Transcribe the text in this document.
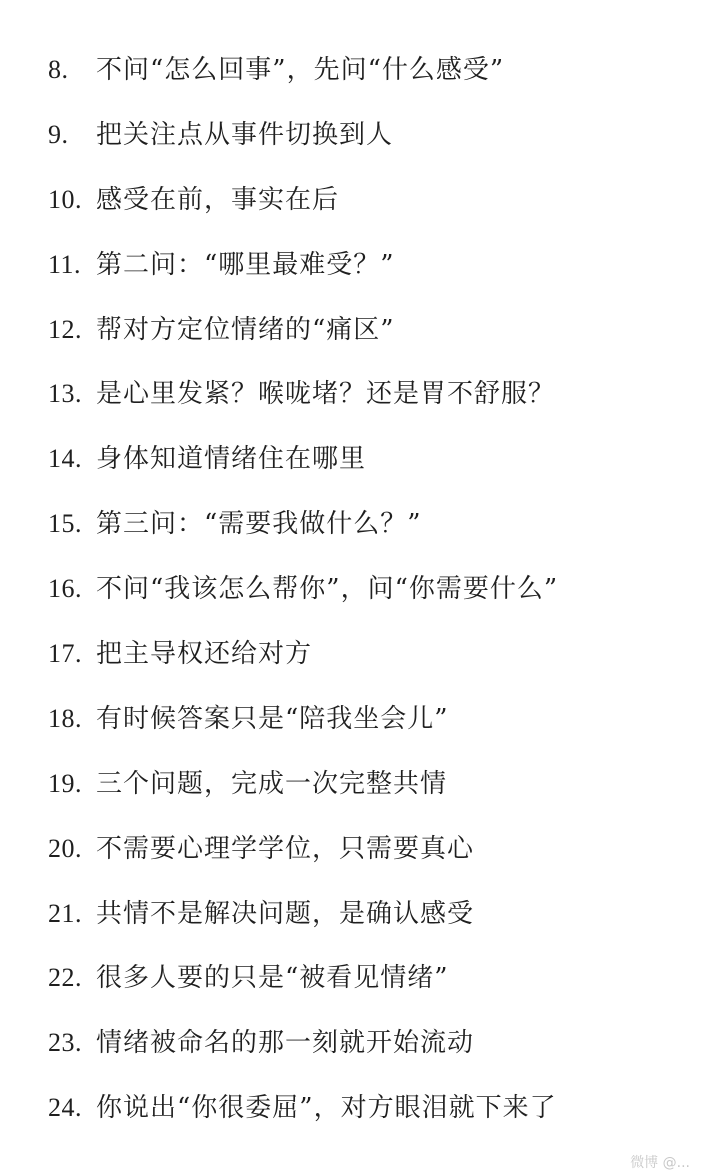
8.	不问“怎么回事”，先问“什么感受”
9.	把关注点从事件切换到人
10. 感受在前，事实在后
11. 第二问：“哪里最难受？”
12. 帮对方定位情绪的“痛区”
13. 是心里发紧？喉咙堵？还是胃不舒服？
14. 身体知道情绪住在哪里
15. 第三问：“需要我做什么？”
16. 不问“我该怎么帮你”，问“你需要什么”
17. 把主导权还给对方
18. 有时候答案只是“陪我坐会儿”
19. 三个问题，完成一次完整共情
20. 不需要心理学学位，只需要真心
21. 共情不是解决问题，是确认感受
22. 很多人要的只是“被看见情绪”
23. 情绪被命名的那一刻就开始流动
24. 你说出“你很委屈”，对方眼泪就下来了
微博 @...
